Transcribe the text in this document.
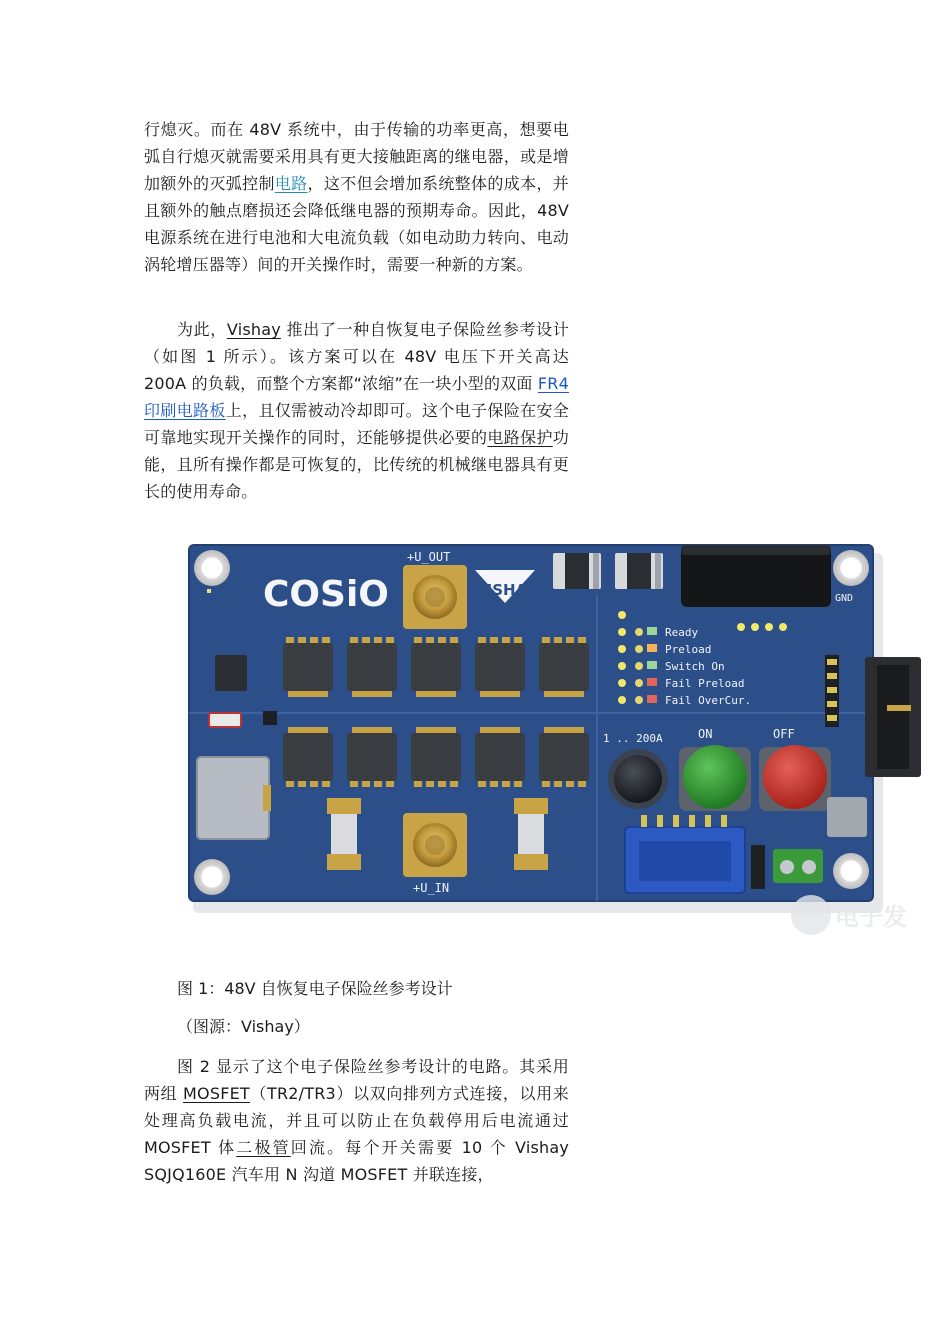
行熄灭。而在 48V 系统中，由于传输的功率更高，想要电弧自行熄灭就需要采用具有更大接触距离的继电器，或是增加额外的灭弧控制电路，这不但会增加系统整体的成本，并且额外的触点磨损还会降低继电器的预期寿命。因此，48V 电源系统在进行电池和大电流负载（如电动助力转向、电动涡轮增压器等）间的开关操作时，需要一种新的方案。

为此，Vishay 推出了一种自恢复电子保险丝参考设计（如图 1 所示）。该方案可以在 48V 电压下开关高达 200A 的负载，而整个方案都“浓缩”在一块小型的双面 FR4 印刷电路板上，且仅需被动冷却即可。这个电子保险在安全可靠地实现开关操作的同时，还能够提供必要的电路保护功能，且所有操作都是可恢复的，比传统的机械继电器具有更长的使用寿命。

COSiO	VISHAY
+U_OUT
+U_IN
GND
Ready
Preload
Switch On
Fail Preload
Fail OverCur.
1 .. 200A	ON	OFF
电子发

图 1：48V 自恢复电子保险丝参考设计

（图源：Vishay）

图 2 显示了这个电子保险丝参考设计的电路。其采用两组 MOSFET（TR2/TR3）以双向排列方式连接，以用来处理高负载电流，并且可以防止在负载停用后电流通过 MOSFET 体二极管回流。每个开关需要 10 个 Vishay SQJQ160E 汽车用 N 沟道 MOSFET 并联连接，
